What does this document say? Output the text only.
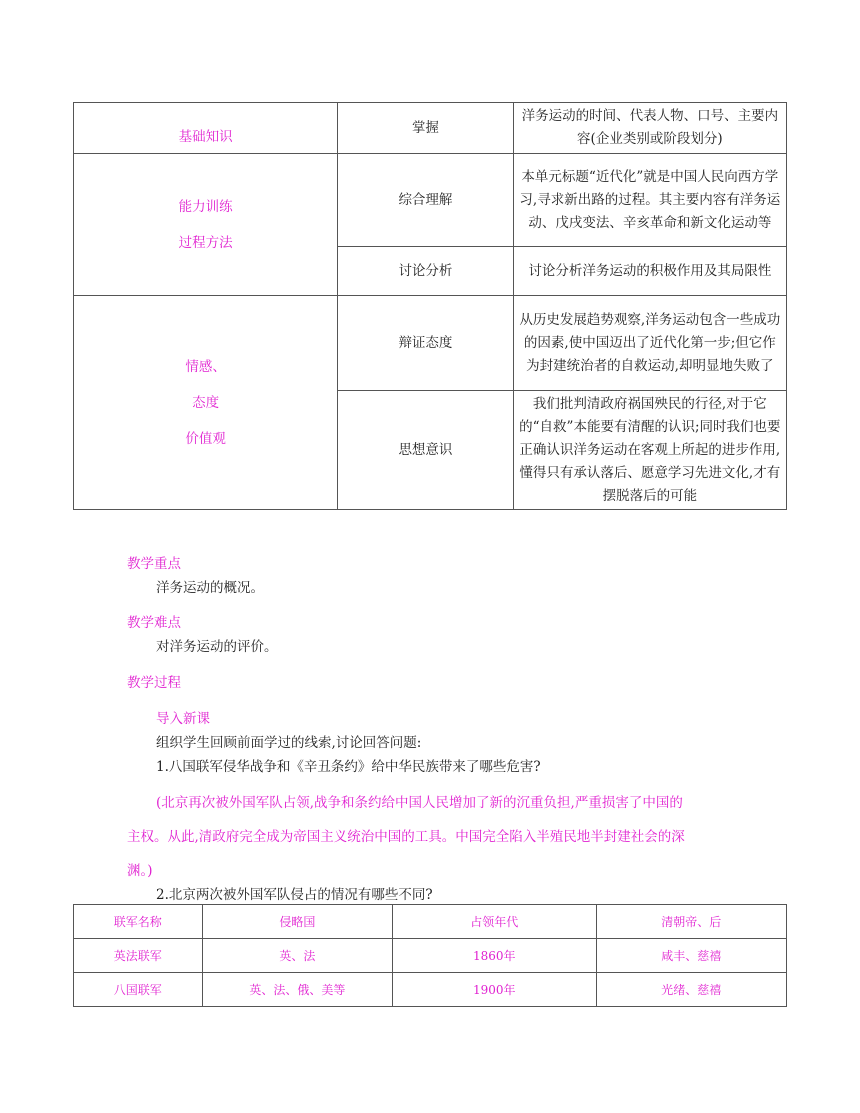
基础知识	掌握	洋务运动的时间、代表人物、口号、主要内容(企业类别或阶段划分)

能力训练
过程方法	综合理解	本单元标题“近代化”就是中国人民向西方学习,寻求新出路的过程。其主要内容有洋务运动、戊戌变法、辛亥革命和新文化运动等
	讨论分析	讨论分析洋务运动的积极作用及其局限性

情感、
态度
价值观	辩证态度	从历史发展趋势观察,洋务运动包含一些成功的因素,使中国迈出了近代化第一步;但它作为封建统治者的自救运动,却明显地失败了
	思想意识	我们批判清政府祸国殃民的行径,对于它的“自救”本能要有清醒的认识;同时我们也要正确认识洋务运动在客观上所起的进步作用,懂得只有承认落后、愿意学习先进文化,才有摆脱落后的可能
教学重点
洋务运动的概况。
教学难点
对洋务运动的评价。
教学过程
导入新课
组织学生回顾前面学过的线索,讨论回答问题:
1.八国联军侵华战争和《辛丑条约》给中华民族带来了哪些危害?
(北京再次被外国军队占领,战争和条约给中国人民增加了新的沉重负担,严重损害了中国的
主权。从此,清政府完全成为帝国主义统治中国的工具。中国完全陷入半殖民地半封建社会的深
渊。)
2.北京两次被外国军队侵占的情况有哪些不同?
联军名称	侵略国	占领年代	清朝帝、后
英法联军	英、法	1860年	咸丰、慈禧
八国联军	英、法、俄、美等	1900年	光绪、慈禧
